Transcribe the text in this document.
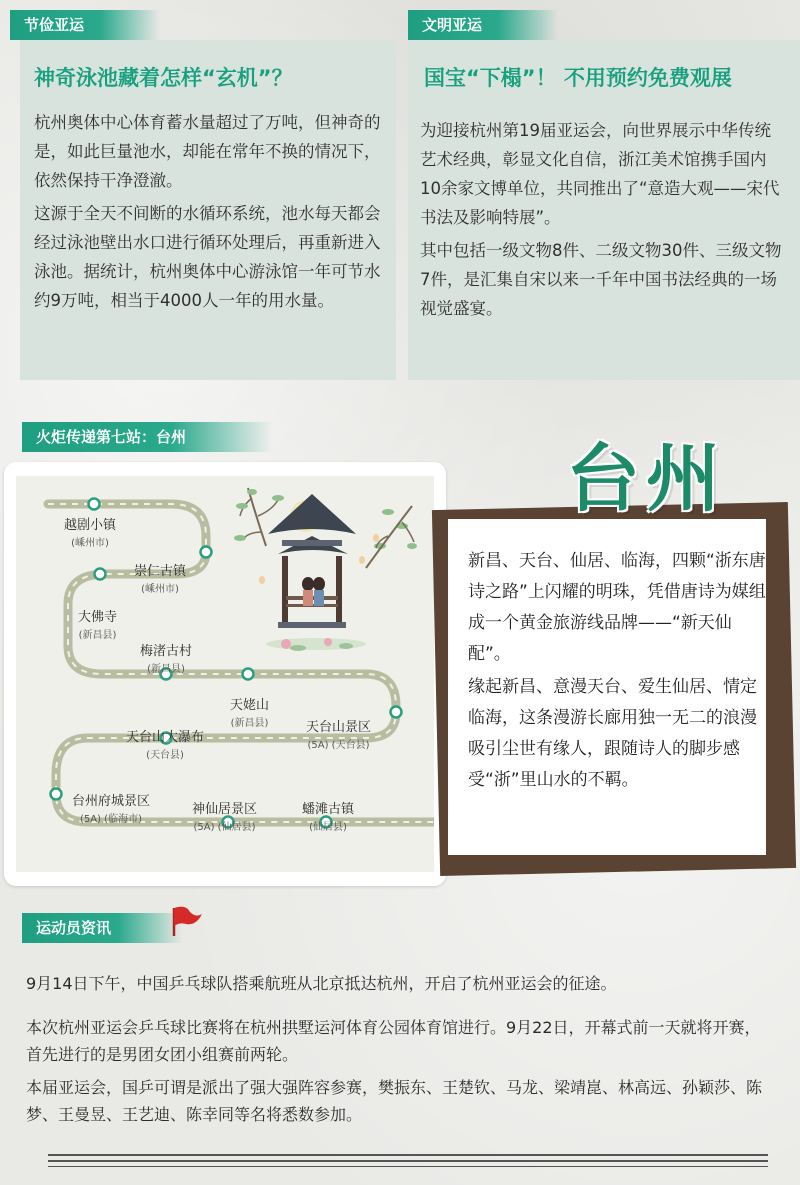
节俭亚运
神奇泳池藏着怎样“玄机”？

杭州奥体中心体育蓄水量超过了万吨，但神奇的是，如此巨量池水，却能在常年不换的情况下，依然保持干净澄澈。

这源于全天不间断的水循环系统，池水每天都会经过泳池壁出水口进行循环处理后，再重新进入泳池。据统计，杭州奥体中心游泳馆一年可节水约9万吨，相当于4000人一年的用水量。

文明亚运
国宝“下榻”！ 不用预约免费观展

为迎接杭州第19届亚运会，向世界展示中华传统艺术经典，彰显文化自信，浙江美术馆携手国内10余家文博单位，共同推出了“意造大观——宋代书法及影响特展”。

其中包括一级文物8件、二级文物30件、三级文物7件，是汇集自宋以来一千年中国书法经典的一场视觉盛宴。

火炬传递第七站：台州
越剧小镇
(嵊州市)
崇仁古镇
(嵊州市)
大佛寺
(新昌县)
梅渚古村
(新昌县)
天姥山
(新昌县)	天台山景区
(5A) (天台县)
天台山大瀑布
(天台县)
台州府城景区
(5A) (临海市)
神仙居景区
(5A) (仙居县)
蟠滩古镇
(仙居县)

新昌、天台、仙居、临海，四颗“浙东唐诗之路”上闪耀的明珠，凭借唐诗为媒组成一个黄金旅游线品牌——“新天仙配”。

缘起新昌、意漫天台、爱生仙居、情定临海，这条漫游长廊用独一无二的浪漫吸引尘世有缘人，跟随诗人的脚步感受“浙”里山水的不羁。

台州
运动员资讯
9月14日下午，中国乒乓球队搭乘航班从北京抵达杭州，开启了杭州亚运会的征途。
本次杭州亚运会乒乓球比赛将在杭州拱墅运河体育公园体育馆进行。9月22日，开幕式前一天就将开赛，首先进行的是男团女团小组赛前两轮。
本届亚运会，国乒可谓是派出了强大强阵容参赛，樊振东、王楚钦、马龙、梁靖崑、林高远、孙颖莎、陈梦、王曼昱、王艺迪、陈幸同等名将悉数参加。
